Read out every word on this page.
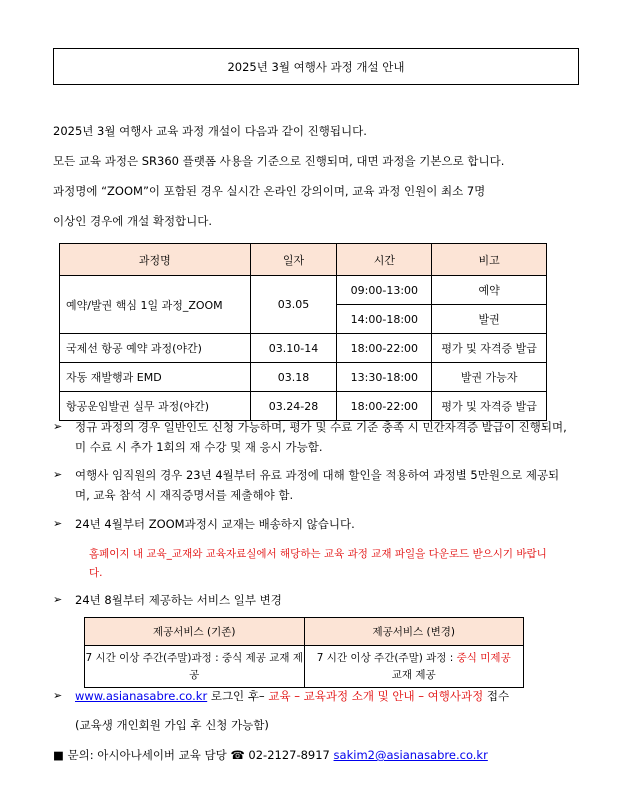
2025년 3월 여행사 과정 개설 안내
2025년 3월 여행사 교육 과정 개설이 다음과 같이 진행됩니다.
모든 교육 과정은 SR360 플랫폼 사용을 기준으로 진행되며, 대면 과정을 기본으로 합니다.
과정명에 “ZOOM”이 포함된 경우 실시간 온라인 강의이며, 교육 과정 인원이 최소 7명
이상인 경우에 개설 확정합니다.
과정명	일자	시간	비고
예약/발권 핵심 1일 과정_ZOOM	03.05	09:00-13:00	예약
		14:00-18:00	발권
국제선 항공 예약 과정(야간)	03.10-14	18:00-22:00	평가 및 자격증 발급
자동 재발행과 EMD	03.18	13:30-18:00	발권 가능자
항공운임발권 실무 과정(야간)	03.24-28	18:00-22:00	평가 및 자격증 발급
➢	정규 과정의 경우 일반인도 신청 가능하며, 평가 및 수료 기준 충족 시 민간자격증 발급이 진행되며, 미 수료 시 추가 1회의 재 수강 및 재 응시 가능함.
➢	여행사 임직원의 경우 23년 4월부터 유료 과정에 대해 할인을 적용하여 과정별 5만원으로 제공되며, 교육 참석 시 재직증명서를 제출해야 함.
➢	24년 4월부터 ZOOM과정시 교재는 배송하지 않습니다.
홈페이지 내 교육_교재와 교육자료실에서 해당하는 교육 과정 교재 파일을 다운로드 받으시기 바랍니다.
➢	24년 8월부터 제공하는 서비스 일부 변경
제공서비스 (기존)	제공서비스 (변경)
7 시간 이상 주간(주말)과정 : 중식 제공 교재 제공	7 시간 이상 주간(주말) 과정 : 중식 미제공
교재 제공
➢	www.asianasabre.co.kr 로그인 후– 교육 – 교육과정 소개 및 안내 – 여행사과정 접수
(교육생 개인회원 가입 후 신청 가능함)
■ 문의: 아시아나세이버 교육 담당 ☎ 02-2127-8917 sakim2@asianasabre.co.kr
